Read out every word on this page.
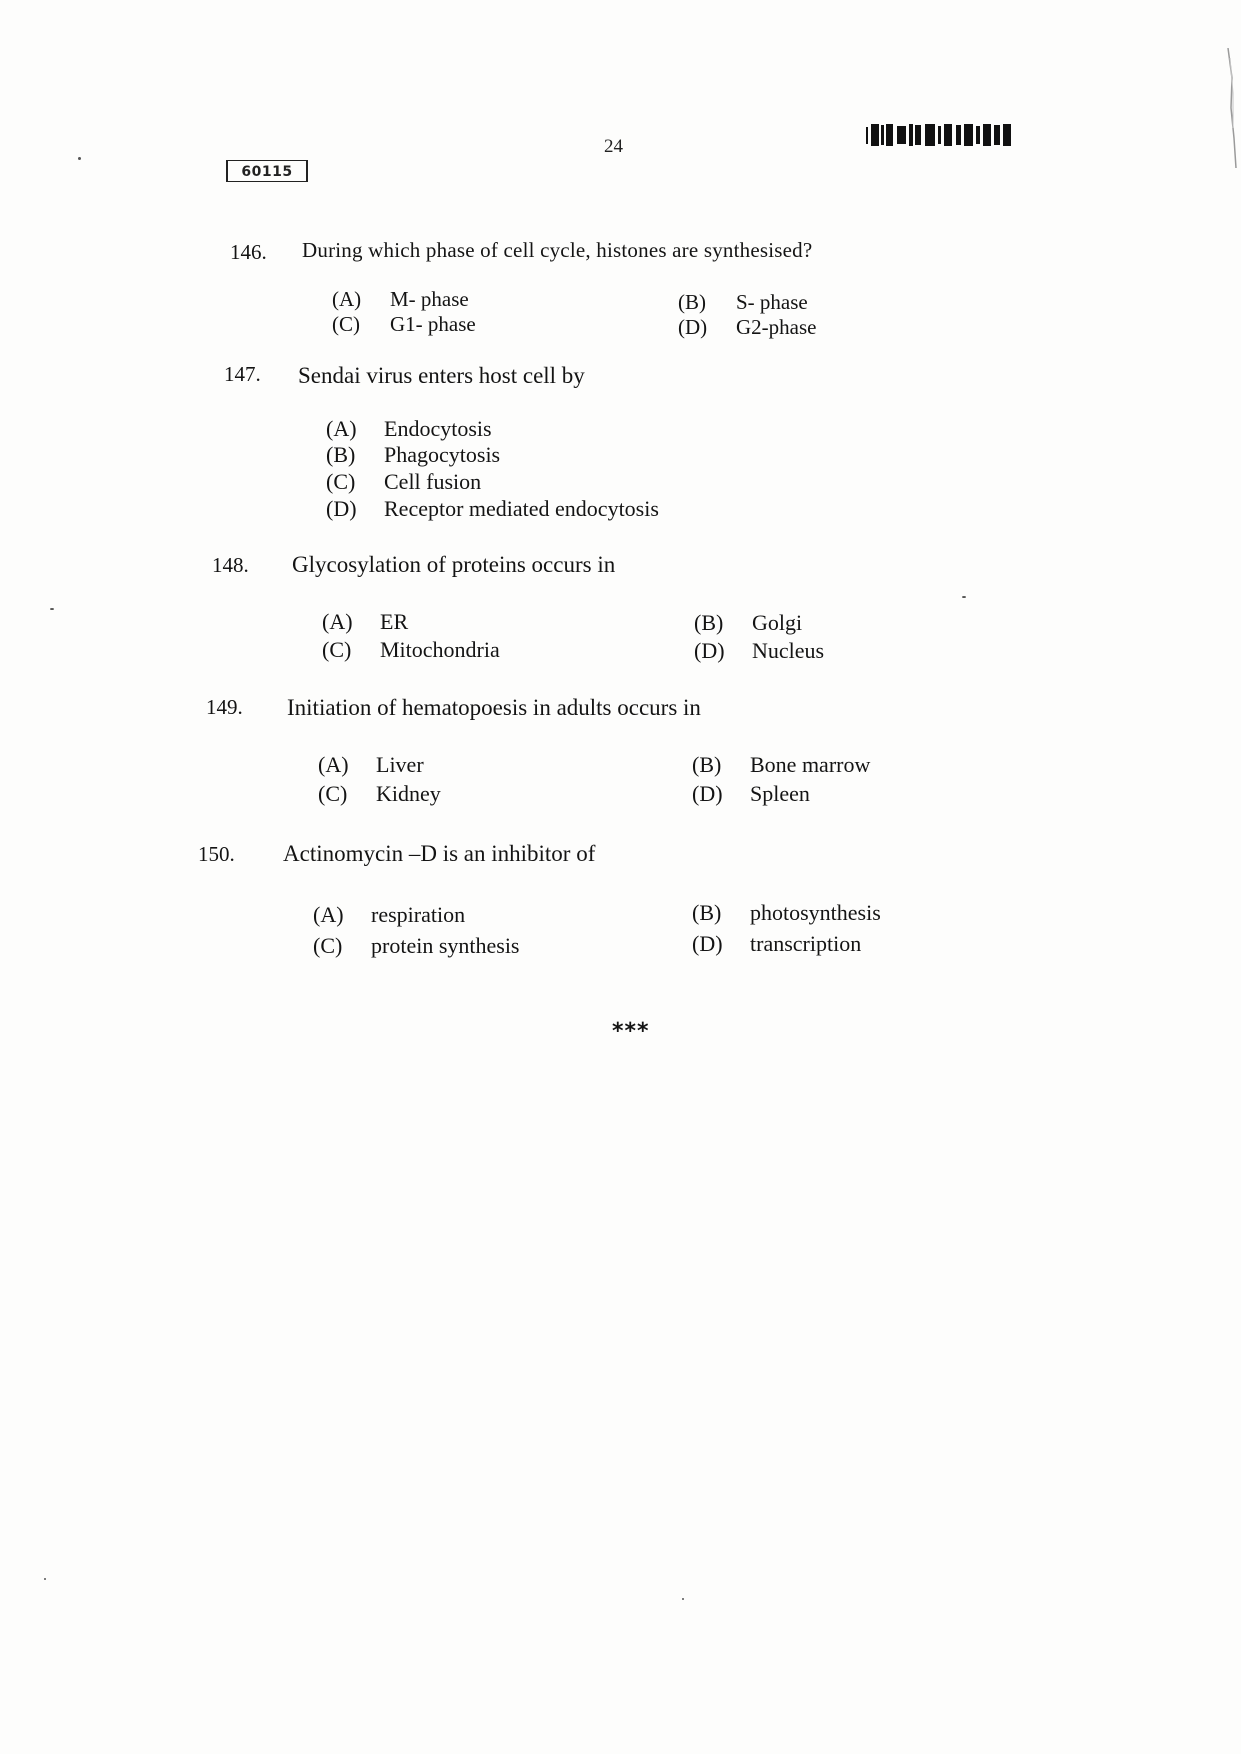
24
60115
146. During which phase of cell cycle, histones are synthesised?
(A) M- phase	(B) S- phase
(C) G1- phase	(D) G2-phase
147. Sendai virus enters host cell by
(A) Endocytosis
(B) Phagocytosis
(C) Cell fusion
(D) Receptor mediated endocytosis
148. Glycosylation of proteins occurs in
(A) ER	(B) Golgi
(C) Mitochondria	(D) Nucleus
149. Initiation of hematopoesis in adults occurs in
(A) Liver	(B) Bone marrow
(C) Kidney	(D) Spleen
150. Actinomycin –D is an inhibitor of
(A) respiration	(B) photosynthesis
(C) protein synthesis	(D) transcription
***
